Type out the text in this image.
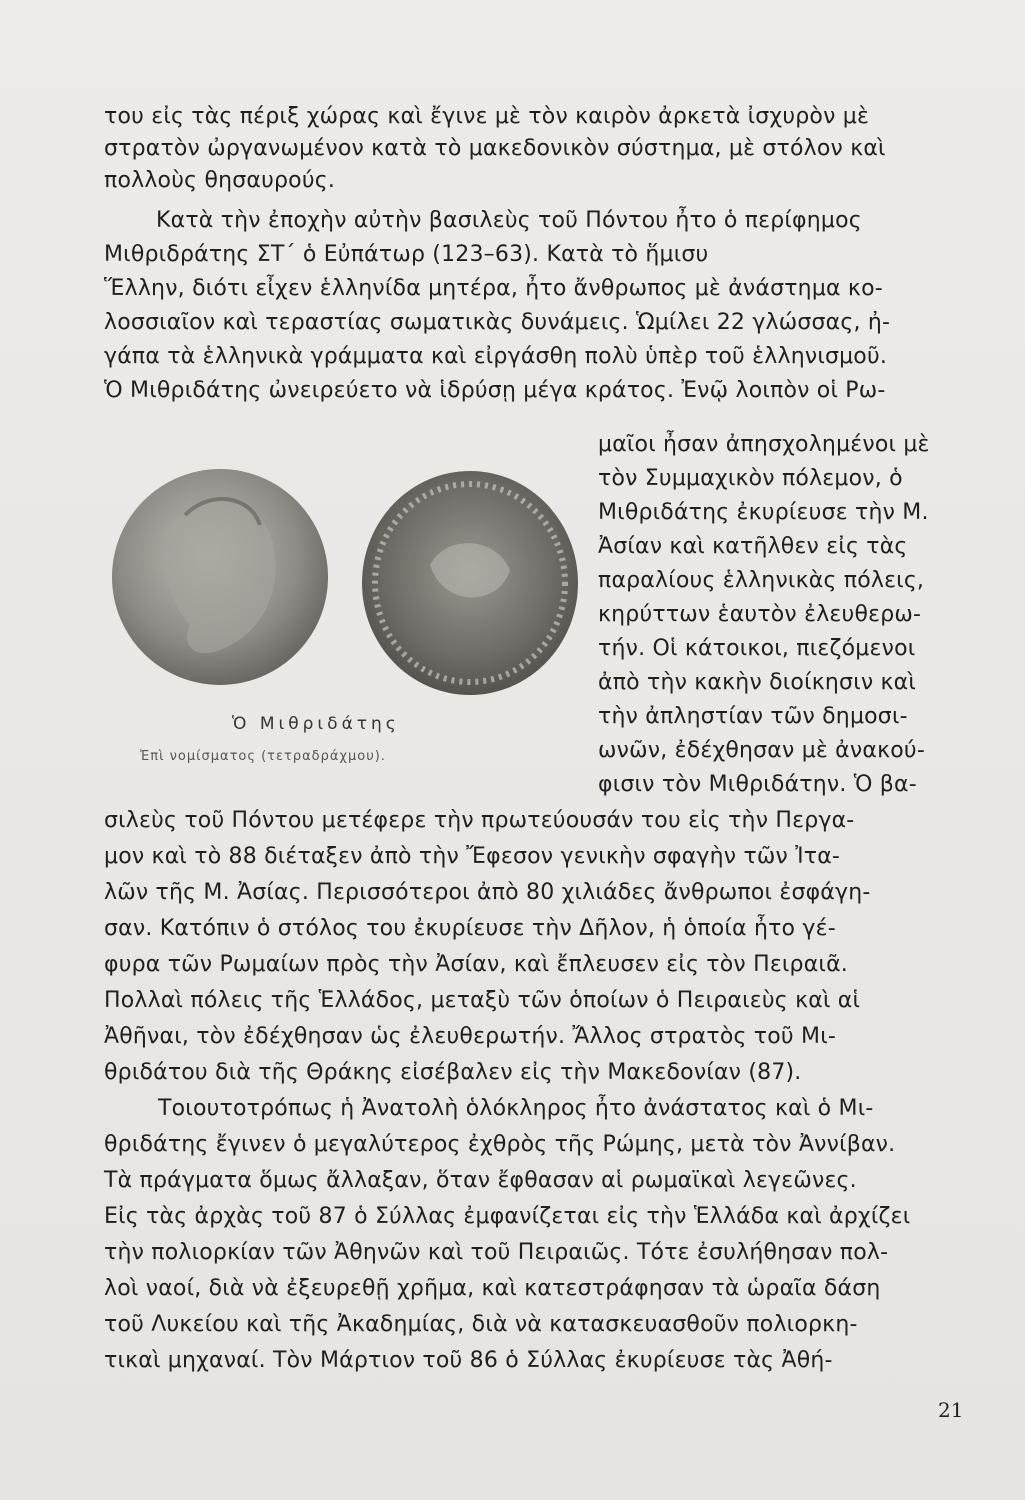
του εἰς τὰς πέριξ χώρας καὶ ἔγινε μὲ τὸν καιρὸν ἀρκετὰ ἰσχυρὸν μὲ
στρατὸν ὠργανωμένον κατὰ τὸ μακεδονικὸν σύστημα, μὲ στόλον καὶ
πολλοὺς θησαυρούς.
Κατὰ τὴν ἐποχὴν αὐτὴν βασιλεὺς τοῦ Πόντου ἦτο ὁ περίφημος
Μιθριδράτης ΣΤ΄ ὁ Εὐπάτωρ (123–63). Κατὰ τὸ ἥμισυ
Ἕλλην, διότι εἶχεν ἑλληνίδα μητέρα, ἦτο ἄνθρωπος μὲ ἀνάστημα κο-
λοσσιαῖον καὶ τεραστίας σωματικὰς δυνάμεις. Ὡμίλει 22 γλώσσας, ἠ-
γάπα τὰ ἑλληνικὰ γράμματα καὶ εἰργάσθη πολὺ ὑπὲρ τοῦ ἑλληνισμοῦ.
Ὁ Μιθριδάτης ὠνειρεύετο νὰ ἱδρύσῃ μέγα κράτος. Ἐνῷ λοιπὸν οἱ Ρω-
μαῖοι ἦσαν ἀπησχολημένοι μὲ
τὸν Συμμαχικὸν πόλεμον, ὁ
Μιθριδάτης ἐκυρίευσε τὴν Μ.
Ἀσίαν καὶ κατῆλθεν εἰς τὰς
παραλίους ἑλληνικὰς πόλεις,
κηρύττων ἑαυτὸν ἐλευθερω-
τήν. Οἱ κάτοικοι, πιεζόμενοι
ἀπὸ τὴν κακὴν διοίκησιν καὶ
τὴν ἀπληστίαν τῶν δημοσι-
ωνῶν, ἐδέχθησαν μὲ ἀνακού-
φισιν τὸν Μιθριδάτην. Ὁ βα-
Ὁ Μιθριδάτης
Ἐπὶ νομίσματος (τετραδράχμου).
σιλεὺς τοῦ Πόντου μετέφερε τὴν πρωτεύουσάν του εἰς τὴν Περγα-
μον καὶ τὸ 88 διέταξεν ἀπὸ τὴν Ἔφεσον γενικὴν σφαγὴν τῶν Ἰτα-
λῶν τῆς Μ. Ἀσίας. Περισσότεροι ἀπὸ 80 χιλιάδες ἄνθρωποι ἐσφάγη-
σαν. Κατόπιν ὁ στόλος του ἐκυρίευσε τὴν Δῆλον, ἡ ὁποία ἦτο γέ-
φυρα τῶν Ρωμαίων πρὸς τὴν Ἀσίαν, καὶ ἔπλευσεν εἰς τὸν Πειραιᾶ.
Πολλαὶ πόλεις τῆς Ἑλλάδος, μεταξὺ τῶν ὁποίων ὁ Πειραιεὺς καὶ αἱ
Ἀθῆναι, τὸν ἐδέχθησαν ὡς ἐλευθερωτήν. Ἄλλος στρατὸς τοῦ Μι-
θριδάτου διὰ τῆς Θράκης εἰσέβαλεν εἰς τὴν Μακεδονίαν (87).
Τοιουτοτρόπως ἡ Ἀνατολὴ ὁλόκληρος ἦτο ἀνάστατος καὶ ὁ Μι-
θριδάτης ἔγινεν ὁ μεγαλύτερος ἐχθρὸς τῆς Ρώμης, μετὰ τὸν Ἀννίβαν.
Τὰ πράγματα ὅμως ἄλλαξαν, ὅταν ἔφθασαν αἱ ρωμαϊκαὶ λεγεῶνες.
Εἰς τὰς ἀρχὰς τοῦ 87 ὁ Σύλλας ἐμφανίζεται εἰς τὴν Ἑλλάδα καὶ ἀρχίζει
τὴν πολιορκίαν τῶν Ἀθηνῶν καὶ τοῦ Πειραιῶς. Τότε ἐσυλήθησαν πολ-
λοὶ ναοί, διὰ νὰ ἐξευρεθῇ χρῆμα, καὶ κατεστράφησαν τὰ ὡραῖα δάση
τοῦ Λυκείου καὶ τῆς Ἀκαδημίας, διὰ νὰ κατασκευασθοῦν πολιορκη-
τικαὶ μηχαναί. Τὸν Μάρτιον τοῦ 86 ὁ Σύλλας ἐκυρίευσε τὰς Ἀθή-
21
